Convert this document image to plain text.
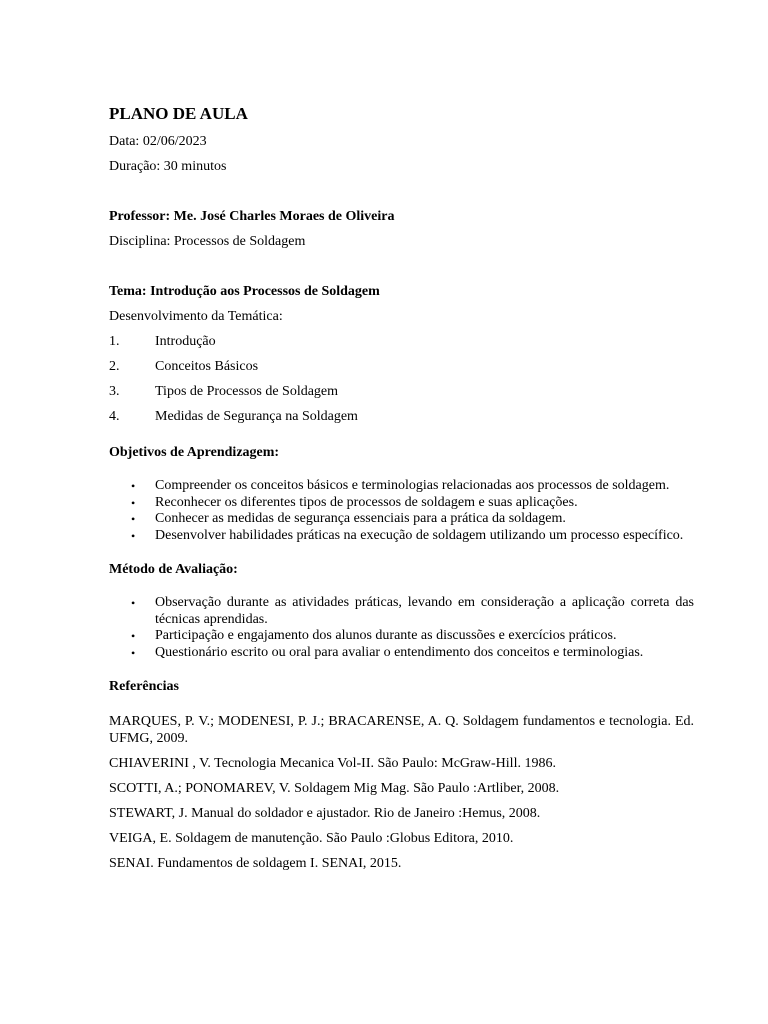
PLANO DE AULA

Data: 02/06/2023

Duração: 30 minutos

Professor: Me. José Charles Moraes de Oliveira

Disciplina: Processos de Soldagem

Tema: Introdução aos Processos de Soldagem

Desenvolvimento da Temática:

1.	Introdução
2.	Conceitos Básicos
3.	Tipos de Processos de Soldagem
4.	Medidas de Segurança na Soldagem

Objetivos de Aprendizagem:

•	Compreender os conceitos básicos e terminologias relacionadas aos processos de soldagem.
•	Reconhecer os diferentes tipos de processos de soldagem e suas aplicações.
•	Conhecer as medidas de segurança essenciais para a prática da soldagem.
•	Desenvolver habilidades práticas na execução de soldagem utilizando um processo específico.

Método de Avaliação:

•	Observação durante as atividades práticas, levando em consideração a aplicação correta das técnicas aprendidas.
•	Participação e engajamento dos alunos durante as discussões e exercícios práticos.
•	Questionário escrito ou oral para avaliar o entendimento dos conceitos e terminologias.

Referências

MARQUES, P. V.; MODENESI, P. J.; BRACARENSE, A. Q. Soldagem fundamentos e tecnologia. Ed. UFMG, 2009.

CHIAVERINI , V. Tecnologia Mecanica Vol-II. São Paulo: McGraw-Hill. 1986.

SCOTTI, A.; PONOMAREV, V. Soldagem Mig Mag. São Paulo :Artliber, 2008.

STEWART, J. Manual do soldador e ajustador. Rio de Janeiro :Hemus, 2008.

VEIGA, E. Soldagem de manutenção. São Paulo :Globus Editora, 2010.

SENAI. Fundamentos de soldagem I. SENAI, 2015.
